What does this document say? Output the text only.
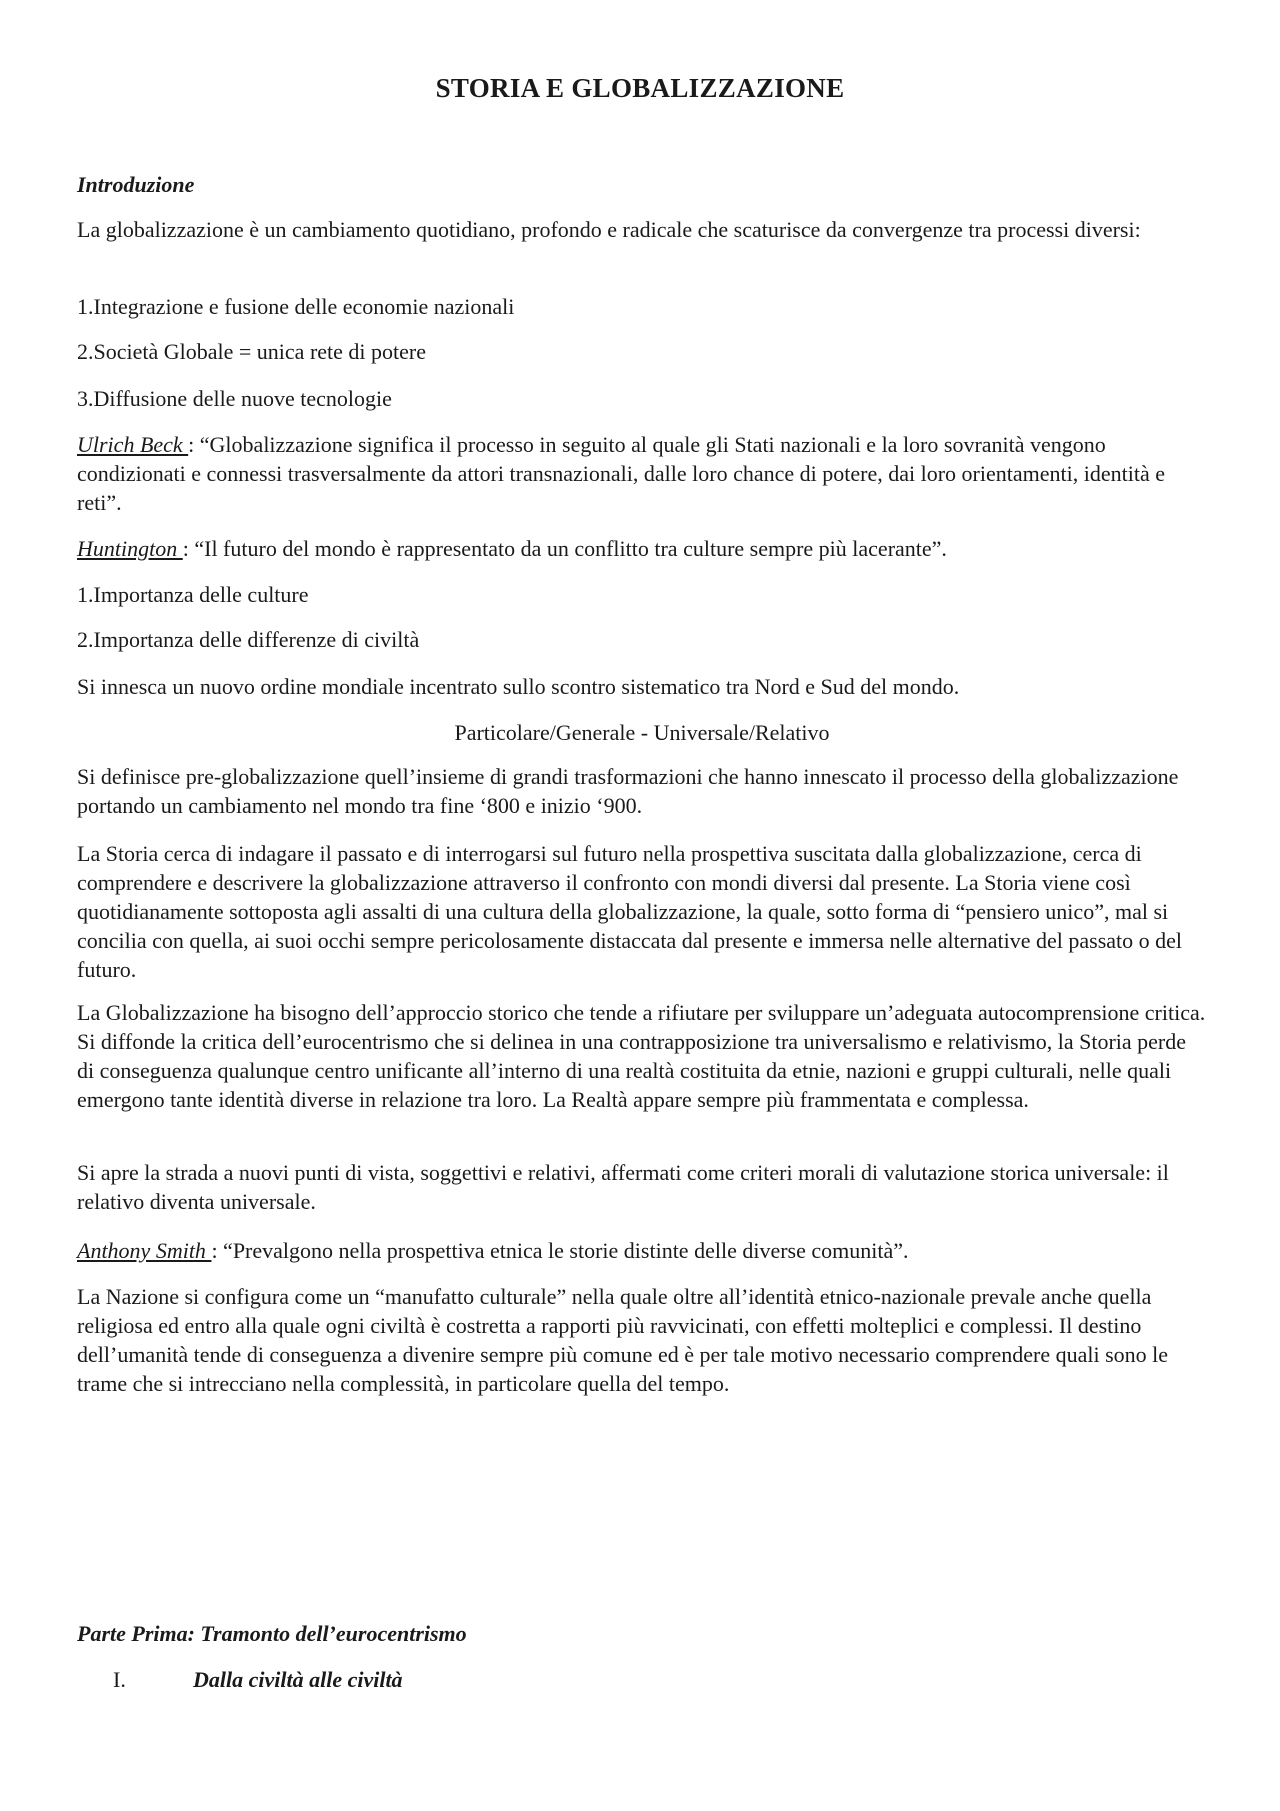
STORIA E GLOBALIZZAZIONE
Introduzione

La globalizzazione è un cambiamento quotidiano, profondo e radicale che scaturisce da convergenze tra processi diversi:

1.Integrazione e fusione delle economie nazionali

2.Società Globale = unica rete di potere

3.Diffusione delle nuove tecnologie

Ulrich Beck : “Globalizzazione significa il processo in seguito al quale gli Stati nazionali e la loro sovranità vengono condizionati e connessi trasversalmente da attori transnazionali, dalle loro chance di potere, dai loro orientamenti, identità e reti”.

Huntington : “Il futuro del mondo è rappresentato da un conflitto tra culture sempre più lacerante”.

1.Importanza delle culture

2.Importanza delle differenze di civiltà

Si innesca un nuovo ordine mondiale incentrato sullo scontro sistematico tra Nord e Sud del mondo.

Particolare/Generale - Universale/Relativo

Si definisce pre-globalizzazione quell’insieme di grandi trasformazioni che hanno innescato il processo della globalizzazione portando un cambiamento nel mondo tra fine ‘800 e inizio ‘900.

La Storia cerca di indagare il passato e di interrogarsi sul futuro nella prospettiva suscitata dalla globalizzazione, cerca di comprendere e descrivere la globalizzazione attraverso il confronto con mondi diversi dal presente. La Storia viene così quotidianamente sottoposta agli assalti di una cultura della globalizzazione, la quale, sotto forma di “pensiero unico”, mal si concilia con quella, ai suoi occhi sempre pericolosamente distaccata dal presente e immersa nelle alternative del passato o del futuro.

La Globalizzazione ha bisogno dell’approccio storico che tende a rifiutare per sviluppare un’adeguata autocomprensione critica. Si diffonde la critica dell’eurocentrismo che si delinea in una contrapposizione tra universalismo e relativismo, la Storia perde di conseguenza qualunque centro unificante all’interno di una realtà costituita da etnie, nazioni e gruppi culturali, nelle quali emergono tante identità diverse in relazione tra loro. La Realtà appare sempre più frammentata e complessa.

Si apre la strada a nuovi punti di vista, soggettivi e relativi, affermati come criteri morali di valutazione storica universale: il relativo diventa universale.

Anthony Smith : “Prevalgono nella prospettiva etnica le storie distinte delle diverse comunità”.

La Nazione si configura come un “manufatto culturale” nella quale oltre all’identità etnico-nazionale prevale anche quella religiosa ed entro alla quale ogni civiltà è costretta a rapporti più ravvicinati, con effetti molteplici e complessi. Il destino dell’umanità tende di conseguenza a divenire sempre più comune ed è per tale motivo necessario comprendere quali sono le trame che si intrecciano nella complessità, in particolare quella del tempo.

Parte Prima: Tramonto dell’eurocentrismo
I.	Dalla civiltà alle civiltà
